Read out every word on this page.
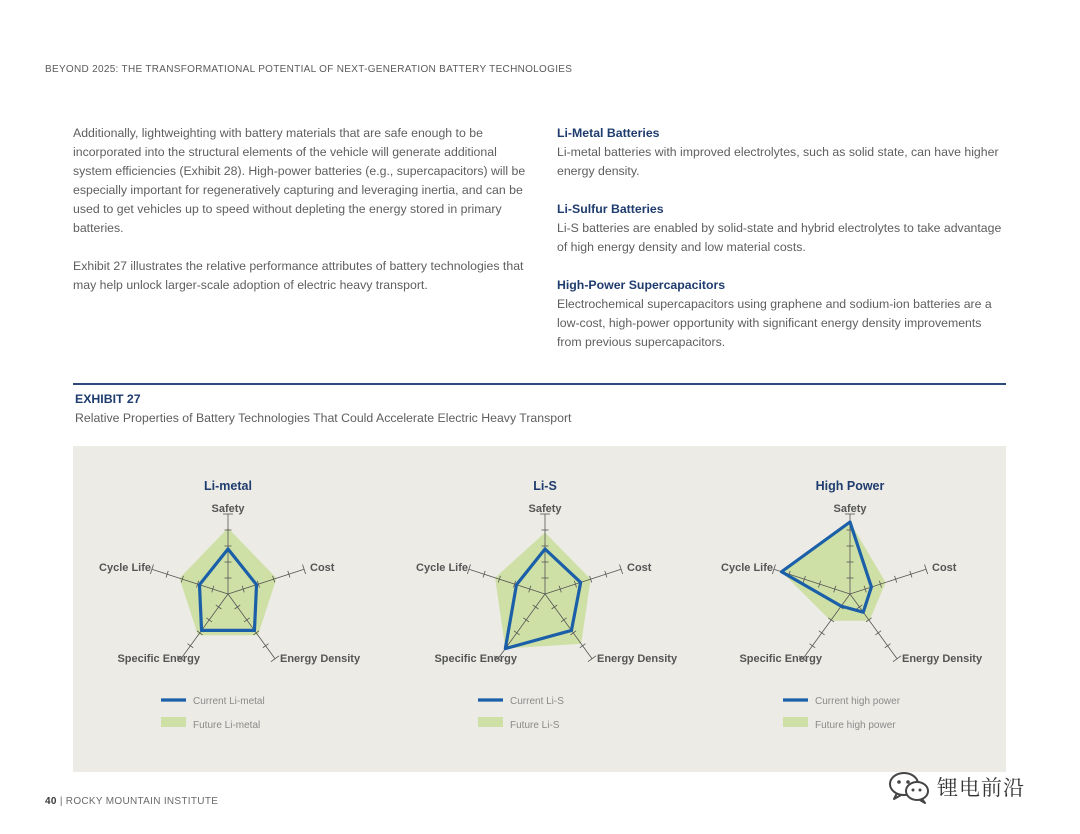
BEYOND 2025: THE TRANSFORMATIONAL POTENTIAL OF NEXT-GENERATION BATTERY TECHNOLOGIES

Additionally, lightweighting with battery materials that are safe enough to be incorporated into the structural elements of the vehicle will generate additional system efficiencies (Exhibit 28). High-power batteries (e.g., supercapacitors) will be especially important for regeneratively capturing and leveraging inertia, and can be used to get vehicles up to speed without depleting the energy stored in primary batteries.

Exhibit 27 illustrates the relative performance attributes of battery technologies that may help unlock larger-scale adoption of electric heavy transport.

Li-Metal Batteries

Li-metal batteries with improved electrolytes, such as solid state, can have higher energy density.

Li-Sulfur Batteries

Li-S batteries are enabled by solid-state and hybrid electrolytes to take advantage of high energy density and low material costs.

High-Power Supercapacitors

Electrochemical supercapacitors using graphene and sodium-ion batteries are a low-cost, high-power opportunity with significant energy density improvements from previous supercapacitors.

EXHIBIT 27
Relative Properties of Battery Technologies That Could Accelerate Electric Heavy Transport
Li-metal
Safety
Cost
Energy Density
Specific Energy
Cycle Life
Current Li-metal
Future Li-metal
Li-S
Safety
Cost
Energy Density
Specific Energy
Cycle Life
Current Li-S
Future Li-S
High Power
Safety
Cost
Energy Density
Specific Energy
Cycle Life
Current high power
Future high power
40 | ROCKY MOUNTAIN INSTITUTE
锂电前沿
